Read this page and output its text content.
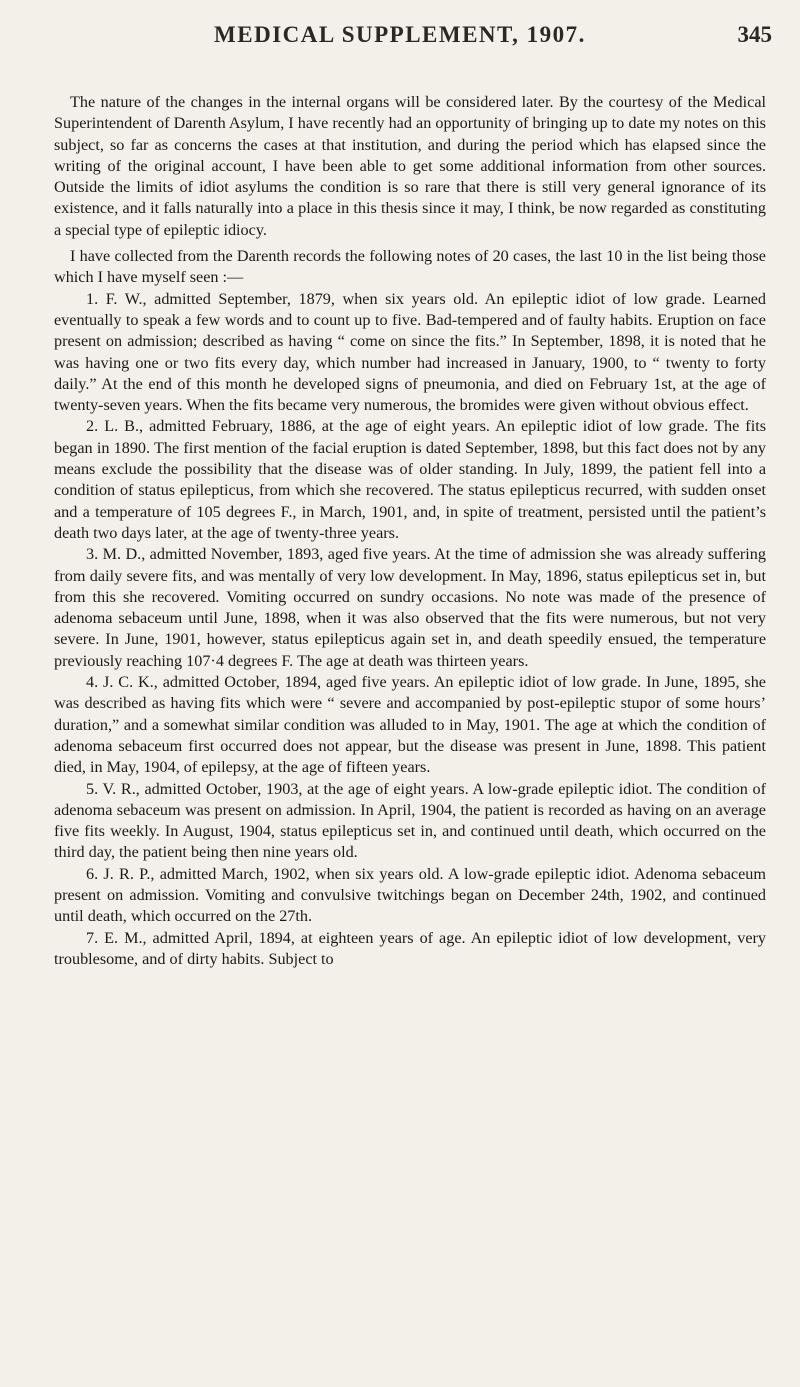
MEDICAL SUPPLEMENT, 1907.	345

The nature of the changes in the internal organs will be considered later. By the courtesy of the Medical Superintendent of Darenth Asylum, I have recently had an opportunity of bringing up to date my notes on this subject, so far as concerns the cases at that institution, and during the period which has elapsed since the writing of the original account, I have been able to get some additional information from other sources. Outside the limits of idiot asylums the condition is so rare that there is still very general ignorance of its existence, and it falls naturally into a place in this thesis since it may, I think, be now regarded as constituting a special type of epileptic idiocy.

I have collected from the Darenth records the following notes of 20 cases, the last 10 in the list being those which I have myself seen :—

1. F. W., admitted September, 1879, when six years old. An epileptic idiot of low grade. Learned eventually to speak a few words and to count up to five. Bad-tempered and of faulty habits. Eruption on face present on admission; described as having “ come on since the fits.” In September, 1898, it is noted that he was having one or two fits every day, which number had increased in January, 1900, to “ twenty to forty daily.” At the end of this month he developed signs of pneumonia, and died on February 1st, at the age of twenty-seven years. When the fits became very numerous, the bromides were given without obvious effect.

2. L. B., admitted February, 1886, at the age of eight years. An epileptic idiot of low grade. The fits began in 1890. The first mention of the facial eruption is dated September, 1898, but this fact does not by any means exclude the possibility that the disease was of older standing. In July, 1899, the patient fell into a condition of status epilepticus, from which she recovered. The status epilepticus recurred, with sudden onset and a temperature of 105 degrees F., in March, 1901, and, in spite of treatment, persisted until the patient’s death two days later, at the age of twenty-three years.

3. M. D., admitted November, 1893, aged five years. At the time of admission she was already suffering from daily severe fits, and was mentally of very low development. In May, 1896, status epilepticus set in, but from this she recovered. Vomiting occurred on sundry occasions. No note was made of the presence of adenoma sebaceum until June, 1898, when it was also observed that the fits were numerous, but not very severe. In June, 1901, however, status epilepticus again set in, and death speedily ensued, the temperature previously reaching 107·4 degrees F. The age at death was thirteen years.

4. J. C. K., admitted October, 1894, aged five years. An epileptic idiot of low grade. In June, 1895, she was described as having fits which were “ severe and accompanied by post-epileptic stupor of some hours’ duration,” and a somewhat similar condition was alluded to in May, 1901. The age at which the condition of adenoma sebaceum first occurred does not appear, but the disease was present in June, 1898. This patient died, in May, 1904, of epilepsy, at the age of fifteen years.

5. V. R., admitted October, 1903, at the age of eight years. A low-grade epileptic idiot. The condition of adenoma sebaceum was present on admission. In April, 1904, the patient is recorded as having on an average five fits weekly. In August, 1904, status epilepticus set in, and continued until death, which occurred on the third day, the patient being then nine years old.

6. J. R. P., admitted March, 1902, when six years old. A low-grade epileptic idiot. Adenoma sebaceum present on admission. Vomiting and convulsive twitchings began on December 24th, 1902, and continued until death, which occurred on the 27th.

7. E. M., admitted April, 1894, at eighteen years of age. An epileptic idiot of low development, very troublesome, and of dirty habits. Subject to
